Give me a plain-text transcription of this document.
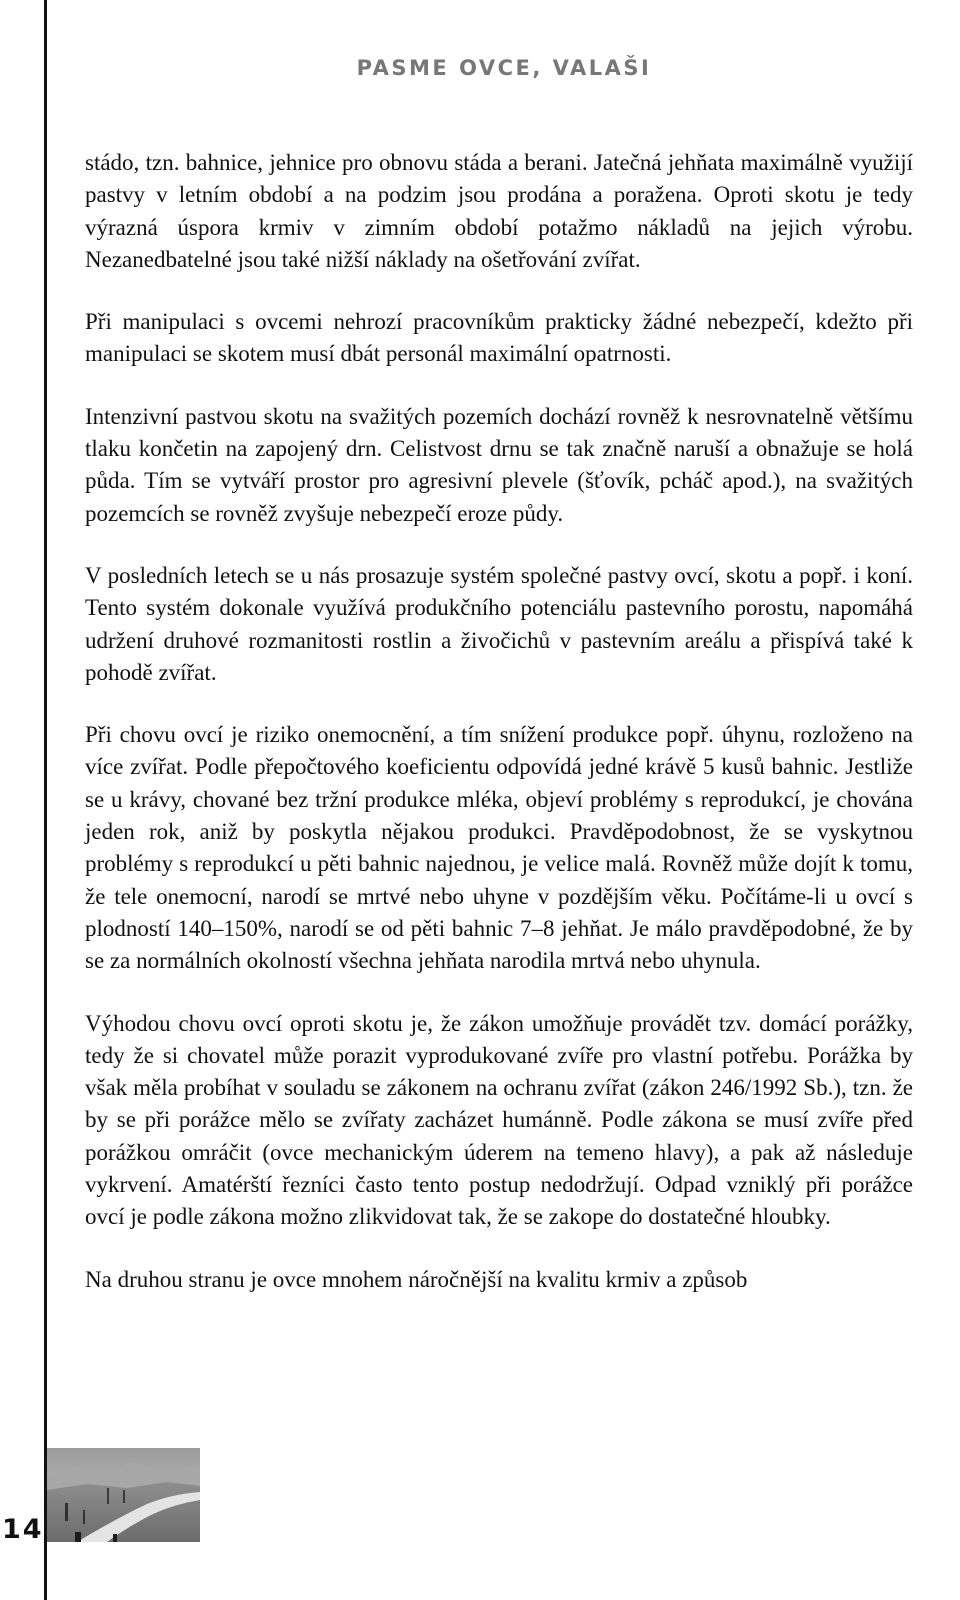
PASME OVCE, VALAŠI

stádo, tzn. bahnice, jehnice pro obnovu stáda a berani. Jatečná jehňata maximálně využijí pastvy v letním období a na podzim jsou prodána a poražena. Oproti skotu je tedy výrazná úspora krmiv v zimním období potažmo nákladů na jejich výrobu. Nezanedbatelné jsou také nižší náklady na ošetřování zvířat.

Při manipulaci s ovcemi nehrozí pracovníkům prakticky žádné nebezpečí, kdežto při manipulaci se skotem musí dbát personál maximální opatrnosti.

Intenzivní pastvou skotu na svažitých pozemích dochází rovněž k nesrovnatelně většímu tlaku končetin na zapojený drn. Celistvost drnu se tak značně naruší a obnažuje se holá půda. Tím se vytváří prostor pro agresivní plevele (šťovík, pcháč apod.), na svažitých pozemcích se rovněž zvyšuje nebezpečí eroze půdy.

V posledních letech se u nás prosazuje systém společné pastvy ovcí, skotu a popř. i koní. Tento systém dokonale využívá produkčního potenciálu pastevního porostu, napomáhá udržení druhové rozmanitosti rostlin a živočichů v pastevním areálu a přispívá také k pohodě zvířat.

Při chovu ovcí je riziko onemocnění, a tím snížení produkce popř. úhynu, rozloženo na více zvířat. Podle přepočtového koeficientu odpovídá jedné krávě 5 kusů bahnic. Jestliže se u krávy, chované bez tržní produkce mléka, objeví problémy s reprodukcí, je chována jeden rok, aniž by poskytla nějakou produkci. Pravděpodobnost, že se vyskytnou problémy s reprodukcí u pěti bahnic najednou, je velice malá. Rovněž může dojít k tomu, že tele onemocní, narodí se mrtvé nebo uhyne v pozdějším věku. Počítáme-li u ovcí s plodností 140–150%, narodí se od pěti bahnic 7–8 jehňat. Je málo pravděpodobné, že by se za normálních okolností všechna jehňata narodila mrtvá nebo uhynula.

Výhodou chovu ovcí oproti skotu je, že zákon umožňuje provádět tzv. domácí porážky, tedy že si chovatel může porazit vyprodukované zvíře pro vlastní potřebu. Porážka by však měla probíhat v souladu se zákonem na ochranu zvířat (zákon 246/1992 Sb.), tzn. že by se při porážce mělo se zvířaty zacházet humánně. Podle zákona se musí zvíře před porážkou omráčit (ovce mechanickým úderem na temeno hlavy), a pak až následuje vykrvení. Amatérští řezníci často tento postup nedodržují. Odpad vzniklý při porážce ovcí je podle zákona možno zlikvidovat tak, že se zakope do dostatečné hloubky.

Na druhou stranu je ovce mnohem náročnější na kvalitu krmiv a způsob

14
